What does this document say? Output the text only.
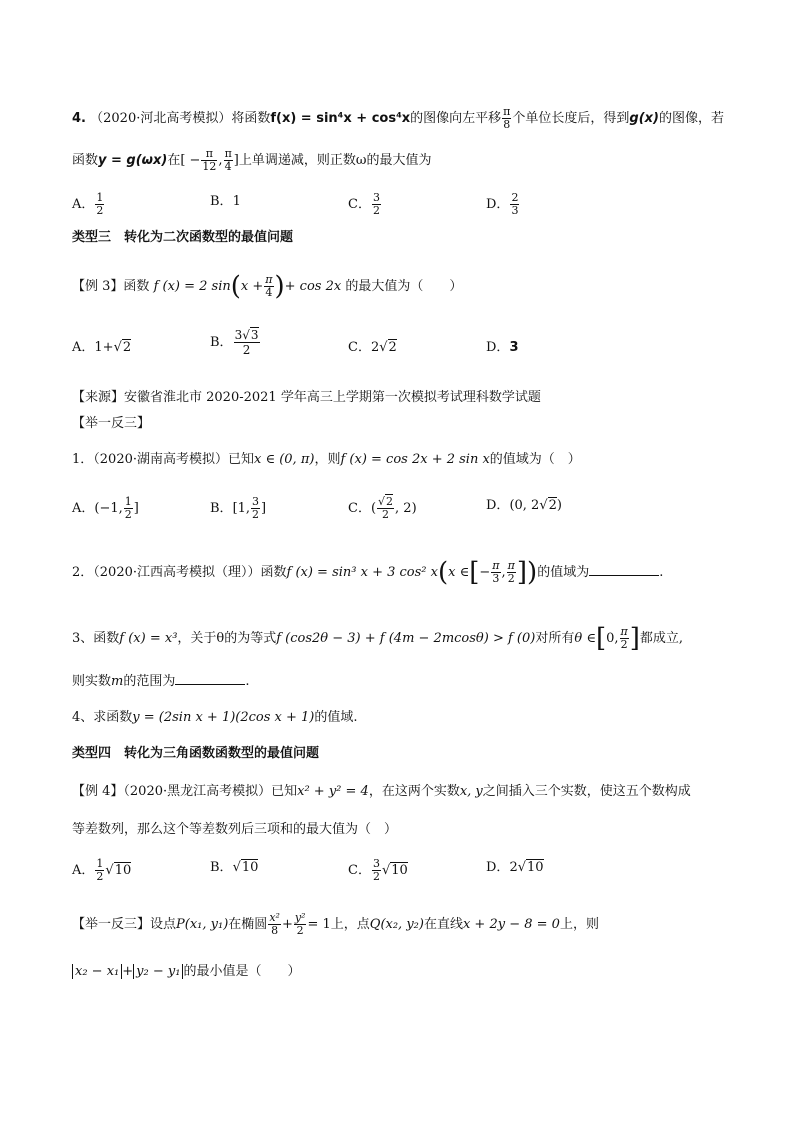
4. （2020·河北高考模拟）将函数f(x) = sin⁴x + cos⁴x的图像向左平移 $\frac{\pi}{8}$ 个单位长度后，得到g(x)的图像，若
函数y = g(ωx)在[ − $\frac{\pi}{12}$ , $\frac{\pi}{4}$ ]上单调递减，则正数ω的最大值为
A． $\frac{1}{2}$	B．1	C． $\frac{3}{2}$	D． $\frac{2}{3}$
类型三　转化为二次函数型的最值问题
【例 3】函数 f (x) = 2 $\sin(x + \frac{\pi}{4}$ )+ cos 2x 的最大值为（　　）
A．1+√2	B． $\frac{3√3}{2}$	C．2√2	D．3
【来源】安徽省淮北市 2020-2021 学年高三上学期第一次模拟考试理科数学试题
【举一反三】
1．（2020·湖南高考模拟）已知x ∈ (0, π)，则f (x) = cos 2x + 2 sin x的值域为（　）
A．(−1, $\frac{1}{2}$ ]	B．[1, $\frac{3}{2}$ ]	C．( $\frac{√2}{2}$ , 2)	D．(0, 2√2)
2．（2020·江西高考模拟（理））函数f (x) = sin³ x + 3 cos² x(x ∈[− $\frac{\pi}{3}$ , $\frac{\pi}{2}$ ])的值域为	.
3、函数f (x) = x³，关于θ的为等式f (cos2θ − 3) + f (4m − 2mcosθ) > f (0)对所有θ ∈[0, $\frac{\pi}{2}$ ]都成立,
则实数m的范围为	.
4、求函数y = (2sin x + 1)(2cos x + 1)的值域.
类型四　转化为三角函数函数型的最值问题
【例 4】（2020·黑龙江高考模拟）已知x² + y² = 4，在这两个实数x, y之间插入三个实数，使这五个数构成
等差数列，那么这个等差数列后三项和的最大值为（　）
A． $\frac{1}{2} √10$	B．√10	C． $\frac{3}{2} √10$	D．2√10
【举一反三】设点P(x₁, y₁)在椭圆 $\frac{\text{x²}}{8} + \frac{\text{y²}}{2} = 1$上，点Q(x₂, y₂)在直线x + 2y − 8 = 0上，则
x₂ − x₁ + y₂ − y₁ 的最小值是（　　）
